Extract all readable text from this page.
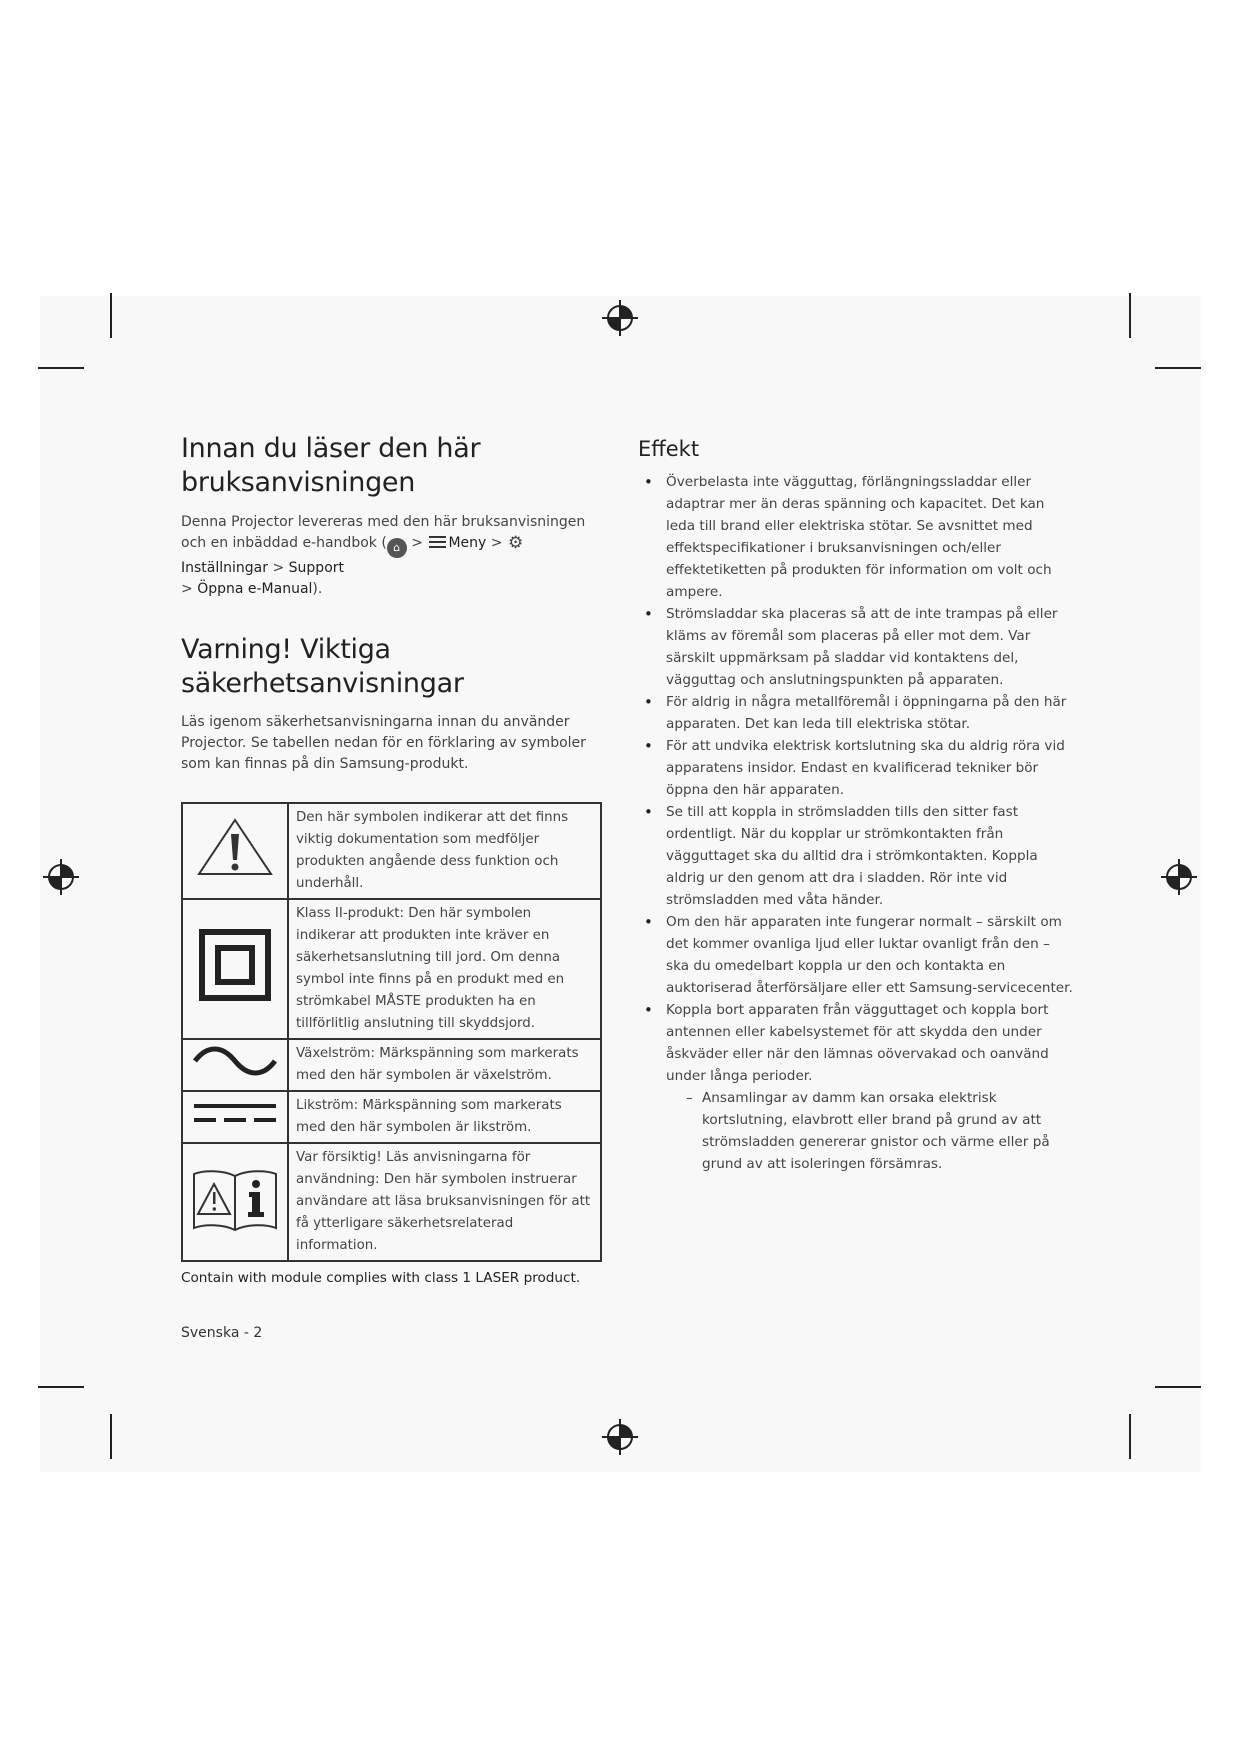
Innan du läser den här bruksanvisningen

Denna Projector levereras med den här bruksanvisningen och en inbäddad e-handbok ( ⌂ > Meny > ⚙Inställningar > Support
> Öppna e-Manual).

Varning! Viktiga säkerhetsanvisningar

Läs igenom säkerhetsanvisningarna innan du använder Projector. Se tabellen nedan för en förklaring av symboler som kan finnas på din Samsung-produkt.

	Den här symbolen indikerar att det finns viktig dokumentation som medföljer produkten angående dess funktion och underhåll.
	Klass II-produkt: Den här symbolen indikerar att produkten inte kräver en säkerhetsanslutning till jord. Om denna symbol inte finns på en produkt med en strömkabel MÅSTE produkten ha en tillförlitlig anslutning till skyddsjord.
	Växelström: Märkspänning som markerats med den här symbolen är växelström.
	Likström: Märkspänning som markerats med den här symbolen är likström.
	Var försiktig! Läs anvisningarna för användning: Den här symbolen instruerar användare att läsa bruksanvisningen för att få ytterligare säkerhetsrelaterad information.
Contain with module complies with class 1 LASER product.
Effekt
• Överbelasta inte vägguttag, förlängningssladdar eller adaptrar mer än deras spänning och kapacitet. Det kan leda till brand eller elektriska stötar. Se avsnittet med effektspecifikationer i bruksanvisningen och/eller effektetiketten på produkten för information om volt och ampere.
• Strömsladdar ska placeras så att de inte trampas på eller kläms av föremål som placeras på eller mot dem. Var särskilt uppmärksam på sladdar vid kontaktens del, vägguttag och anslutningspunkten på apparaten.
• För aldrig in några metallföremål i öppningarna på den här apparaten. Det kan leda till elektriska stötar.
• För att undvika elektrisk kortslutning ska du aldrig röra vid apparatens insidor. Endast en kvalificerad tekniker bör öppna den här apparaten.
• Se till att koppla in strömsladden tills den sitter fast ordentligt. När du kopplar ur strömkontakten från vägguttaget ska du alltid dra i strömkontakten. Koppla aldrig ur den genom att dra i sladden. Rör inte vid strömsladden med våta händer.
• Om den här apparaten inte fungerar normalt – särskilt om det kommer ovanliga ljud eller luktar ovanligt från den – ska du omedelbart koppla ur den och kontakta en auktoriserad återförsäljare eller ett Samsung-servicecenter.
• Koppla bort apparaten från vägguttaget och koppla bort antennen eller kabelsystemet för att skydda den under åskväder eller när den lämnas oövervakad och oanvänd under långa perioder.
– Ansamlingar av damm kan orsaka elektrisk kortslutning, elavbrott eller brand på grund av att strömsladden genererar gnistor och värme eller på grund av att isoleringen försämras.
Svenska - 2
